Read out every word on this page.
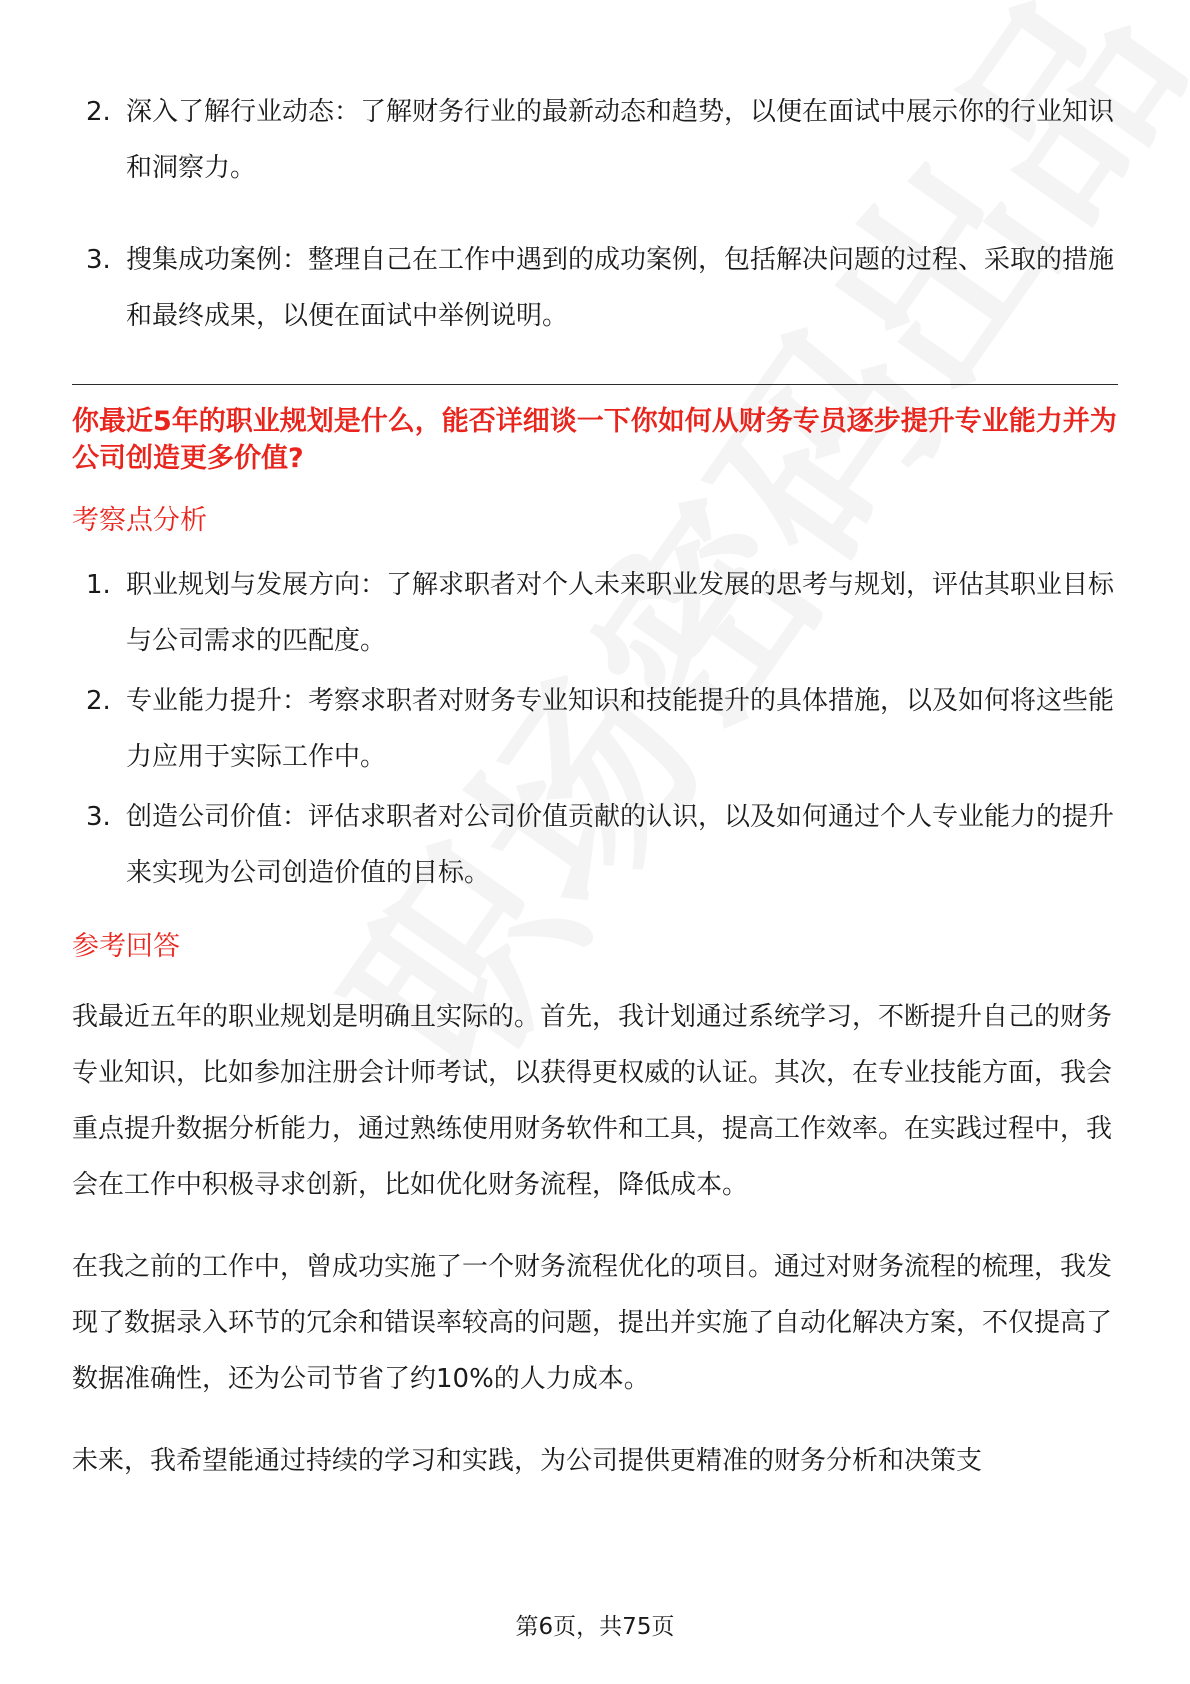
2. 深入了解行业动态：了解财务行业的最新动态和趋势，以便在面试中展示你的行业知识和洞察力。
3. 搜集成功案例：整理自己在工作中遇到的成功案例，包括解决问题的过程、采取的措施和最终成果，以便在面试中举例说明。

你最近5年的职业规划是什么，能否详细谈一下你如何从财务专员逐步提升专业能力并为公司创造更多价值?

考察点分析
1. 职业规划与发展方向：了解求职者对个人未来职业发展的思考与规划，评估其职业目标与公司需求的匹配度。
2. 专业能力提升：考察求职者对财务专业知识和技能提升的具体措施，以及如何将这些能力应用于实际工作中。
3. 创造公司价值：评估求职者对公司价值贡献的认识，以及如何通过个人专业能力的提升来实现为公司创造价值的目标。
参考回答

我最近五年的职业规划是明确且实际的。首先，我计划通过系统学习，不断提升自己的财务专业知识，比如参加注册会计师考试，以获得更权威的认证。其次，在专业技能方面，我会重点提升数据分析能力，通过熟练使用财务软件和工具，提高工作效率。在实践过程中，我会在工作中积极寻求创新，比如优化财务流程，降低成本。

在我之前的工作中，曾成功实施了一个财务流程优化的项目。通过对财务流程的梳理，我发现了数据录入环节的冗余和错误率较高的问题，提出并实施了自动化解决方案，不仅提高了数据准确性，还为公司节省了约10%的人力成本。

未来，我希望能通过持续的学习和实践，为公司提供更精准的财务分析和决策支

第6页，共75页
